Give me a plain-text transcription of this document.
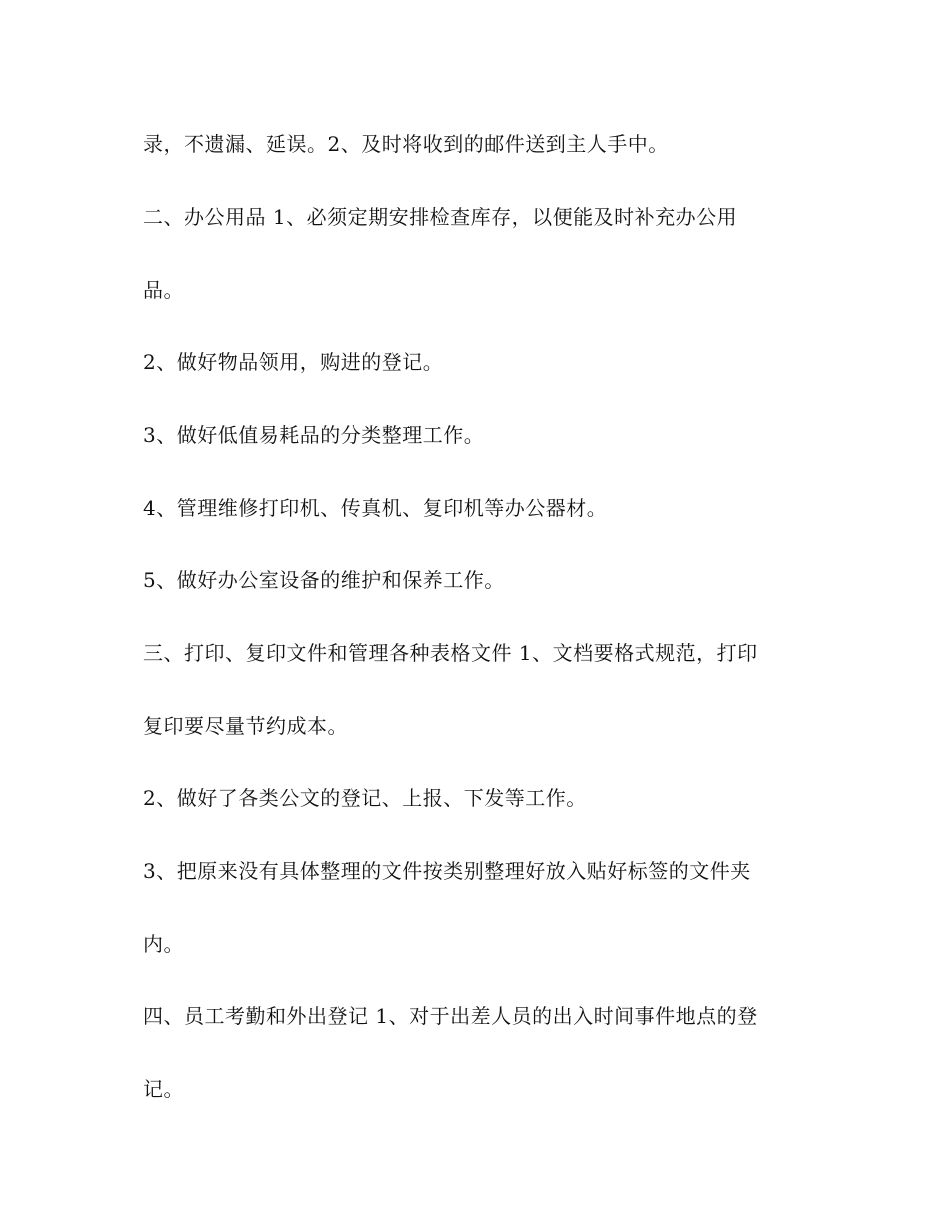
录，不遗漏、延误。2、及时将收到的邮件送到主人手中。
二、办公用品 1、必须定期安排检查库存，以便能及时补充办公用
品。
2、做好物品领用，购进的登记。
3、做好低值易耗品的分类整理工作。
4、管理维修打印机、传真机、复印机等办公器材。
5、做好办公室设备的维护和保养工作。
三、打印、复印文件和管理各种表格文件 1、文档要格式规范，打印
复印要尽量节约成本。
2、做好了各类公文的登记、上报、下发等工作。
3、把原来没有具体整理的文件按类别整理好放入贴好标签的文件夹
内。
四、员工考勤和外出登记 1、对于出差人员的出入时间事件地点的登
记。
